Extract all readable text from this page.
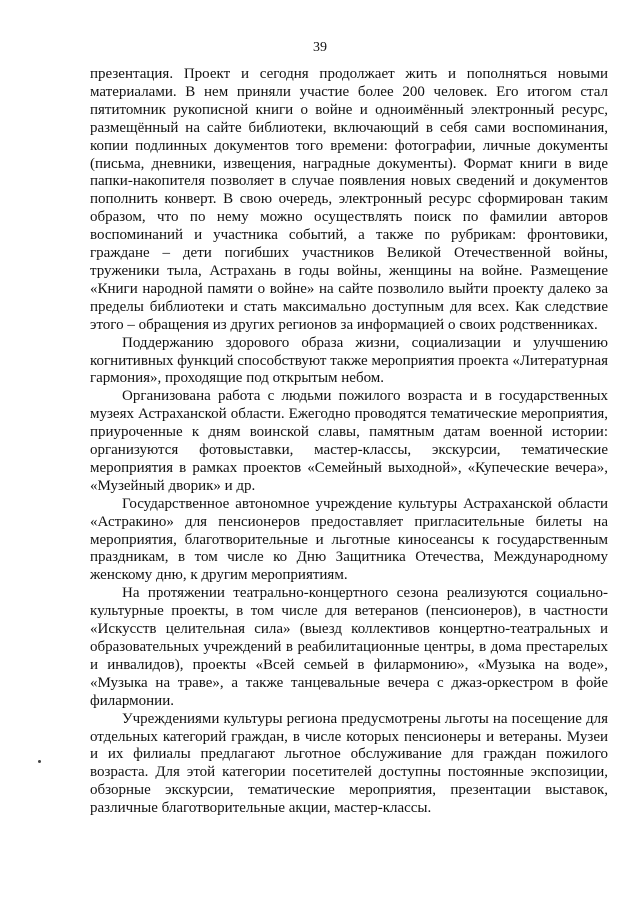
39

презентация. Проект и сегодня продолжает жить и пополняться новыми материалами. В нем приняли участие более 200 человек. Его итогом стал пятитомник рукописной книги о войне и одноимённый электронный ресурс, размещённый на сайте библиотеки, включающий в себя сами воспоминания, копии подлинных документов того времени: фотографии, личные документы (письма, дневники, извещения, наградные документы). Формат книги в виде папки-накопителя позволяет в случае появления новых сведений и документов пополнить конверт. В свою очередь, электронный ресурс сформирован таким образом, что по нему можно осуществлять поиск по фамилии авторов воспоминаний и участника событий, а также по рубрикам: фронтовики, граждане – дети погибших участников Великой Отечественной войны, труженики тыла, Астрахань в годы войны, женщины на войне. Размещение «Книги народной памяти о войне» на сайте позволило выйти проекту далеко за пределы библиотеки и стать максимально доступным для всех. Как следствие этого – обращения из других регионов за информацией о своих родственниках.

Поддержанию здорового образа жизни, социализации и улучшению когнитивных функций способствуют также мероприятия проекта «Литературная гармония», проходящие под открытым небом.

Организована работа с людьми пожилого возраста и в государственных музеях Астраханской области. Ежегодно проводятся тематические мероприятия, приуроченные к дням воинской славы, памятным датам военной истории: организуются фотовыставки, мастер-классы, экскурсии, тематические мероприятия в рамках проектов «Семейный выходной», «Купеческие вечера», «Музейный дворик» и др.

Государственное автономное учреждение культуры Астраханской области «Астракино» для пенсионеров предоставляет пригласительные билеты на мероприятия, благотворительные и льготные киносеансы к государственным праздникам, в том числе ко Дню Защитника Отечества, Международному женскому дню, к другим мероприятиям.

На протяжении театрально-концертного сезона реализуются социально-культурные проекты, в том числе для ветеранов (пенсионеров), в частности «Искусств целительная сила» (выезд коллективов концертно-театральных и образовательных учреждений в реабилитационные центры, в дома престарелых и инвалидов), проекты «Всей семьей в филармонию», «Музыка на воде», «Музыка на траве», а также танцевальные вечера с джаз-оркестром в фойе филармонии.

Учреждениями культуры региона предусмотрены льготы на посещение для отдельных категорий граждан, в числе которых пенсионеры и ветераны. Музеи и их филиалы предлагают льготное обслуживание для граждан пожилого возраста. Для этой категории посетителей доступны постоянные экспозиции, обзорные экскурсии, тематические мероприятия, презентации выставок, различные благотворительные акции, мастер-классы.
